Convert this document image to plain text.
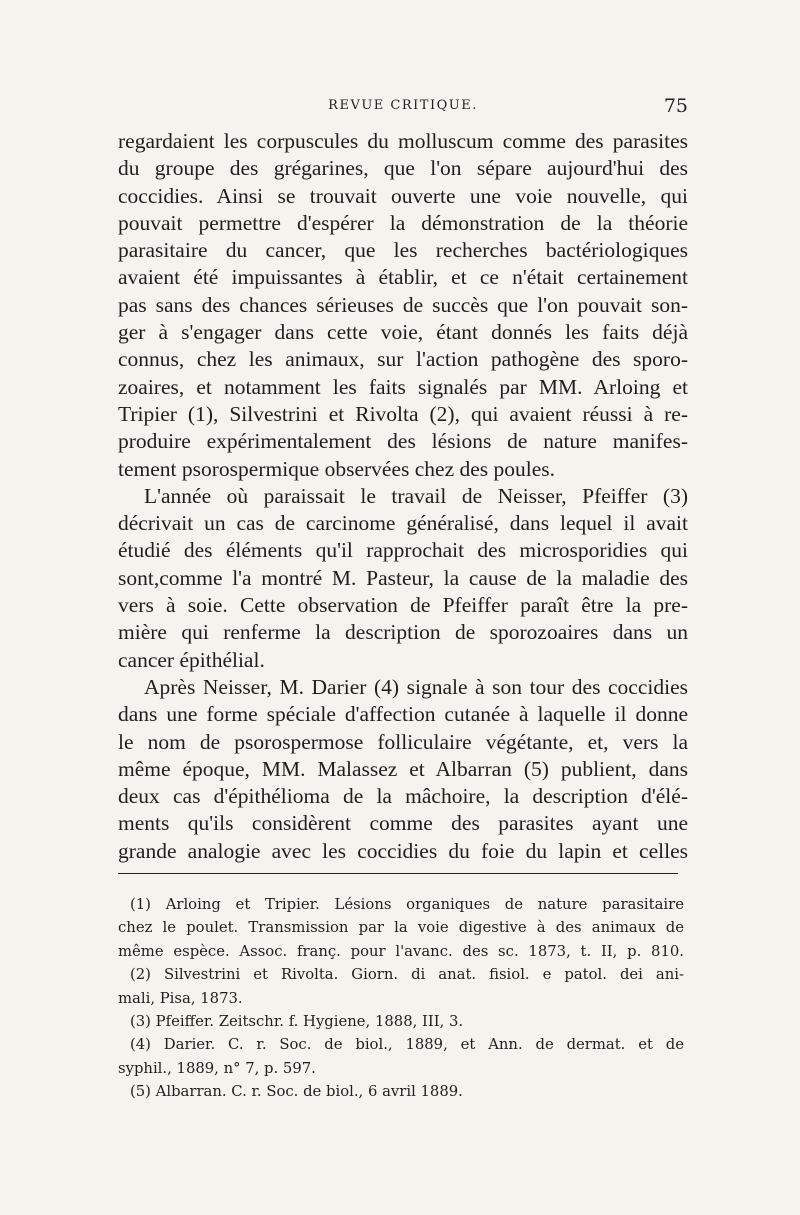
REVUE CRITIQUE.	75
regardaient les corpuscules du molluscum comme des parasites
du groupe des grégarines, que l'on sépare aujourd'hui des
coccidies. Ainsi se trouvait ouverte une voie nouvelle, qui
pouvait permettre d'espérer la démonstration de la théorie
parasitaire du cancer, que les recherches bactériologiques
avaient été impuissantes à établir, et ce n'était certainement
pas sans des chances sérieuses de succès que l'on pouvait son-
ger à s'engager dans cette voie, étant donnés les faits déjà
connus, chez les animaux, sur l'action pathogène des sporo-
zoaires, et notamment les faits signalés par MM. Arloing et
Tripier (1), Silvestrini et Rivolta (2), qui avaient réussi à re-
produire expérimentalement des lésions de nature manifes-
tement psorospermique observées chez des poules.
L'année où paraissait le travail de Neisser, Pfeiffer (3)
décrivait un cas de carcinome généralisé, dans lequel il avait
étudié des éléments qu'il rapprochait des microsporidies qui
sont,comme l'a montré M. Pasteur, la cause de la maladie des
vers à soie. Cette observation de Pfeiffer paraît être la pre-
mière qui renferme la description de sporozoaires dans un
cancer épithélial.
Après Neisser, M. Darier (4) signale à son tour des coccidies
dans une forme spéciale d'affection cutanée à laquelle il donne
le nom de psorospermose folliculaire végétante, et, vers la
même époque, MM. Malassez et Albarran (5) publient, dans
deux cas d'épithélioma de la mâchoire, la description d'élé-
ments qu'ils considèrent comme des parasites ayant une
grande analogie avec les coccidies du foie du lapin et celles
(1) Arloing et Tripier. Lésions organiques de nature parasitaire
chez le poulet. Transmission par la voie digestive à des animaux de
même espèce. Assoc. franç. pour l'avanc. des sc. 1873, t. II, p. 810.
(2) Silvestrini et Rivolta. Giorn. di anat. fisiol. e patol. dei ani-
mali, Pisa, 1873.
(3) Pfeiffer. Zeitschr. f. Hygiene, 1888, III, 3.
(4) Darier. C. r. Soc. de biol., 1889, et Ann. de dermat. et de
syphil., 1889, n° 7, p. 597.
(5) Albarran. C. r. Soc. de biol., 6 avril 1889.
